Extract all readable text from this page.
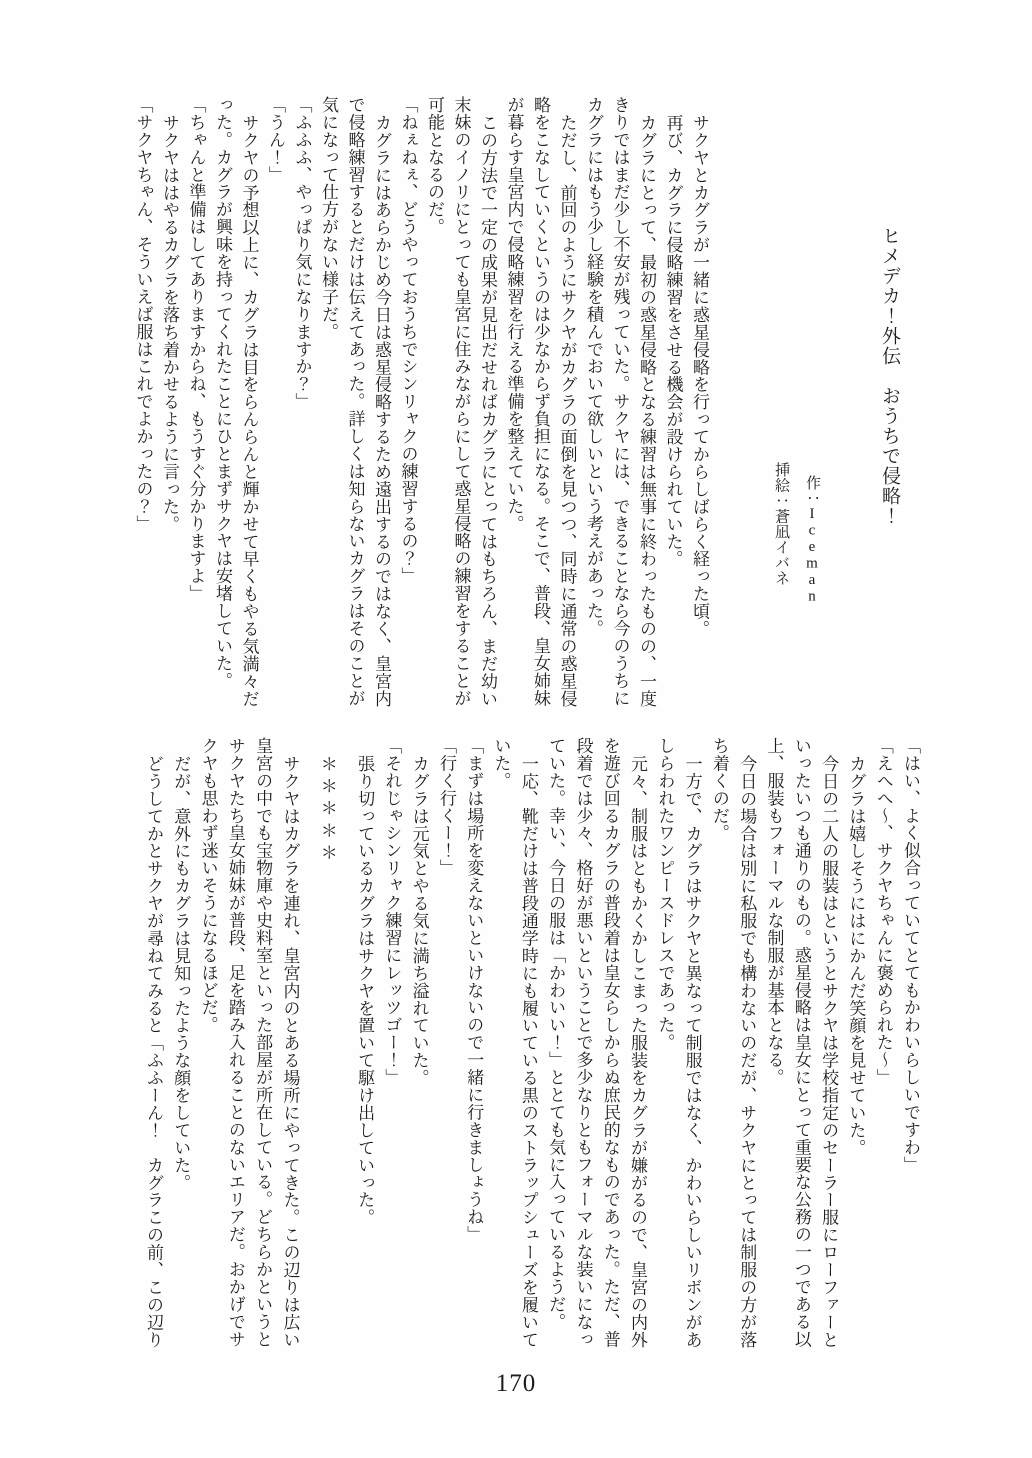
ヒメデカ！外伝　おうちで侵略！
作：Iceman
挿絵：蒼凪イバネ

サクヤとカグラが一緒に惑星侵略を行ってからしばらく経った頃。

再び、カグラに侵略練習をさせる機会が設けられていた。

カグラにとって、最初の惑星侵略となる練習は無事に終わったものの、一度きりではまだ少し不安が残っていた。サクヤには、できることなら今のうちにカグラにはもう少し経験を積んでおいて欲しいという考えがあった。

ただし、前回のようにサクヤがカグラの面倒を見つつ、同時に通常の惑星侵略をこなしていくというのは少なからず負担になる。そこで、普段、皇女姉妹が暮らす皇宮内で侵略練習を行える準備を整えていた。

この方法で一定の成果が見出だせればカグラにとってはもちろん、まだ幼い末妹のイノリにとっても皇宮に住みながらにして惑星侵略の練習をすることが可能となるのだ。

「ねぇねぇ、どうやっておうちでシンリャクの練習するの？」

カグラにはあらかじめ今日は惑星侵略するため遠出するのではなく、皇宮内で侵略練習するとだけは伝えてあった。詳しくは知らないカグラはそのことが気になって仕方がない様子だ。

「ふふふ、やっぱり気になりますか？」

「うん！」

サクヤの予想以上に、カグラは目をらんらんと輝かせて早くもやる気満々だった。カグラが興味を持ってくれたことにひとまずサクヤは安堵していた。

「ちゃんと準備はしてありますからね、もうすぐ分かりますよ」

サクヤははやるカグラを落ち着かせるように言った。

「サクヤちゃん、そういえば服はこれでよかったの？」

「はい、よく似合っていてとてもかわいらしいですわ」

「えへへ〜、サクヤちゃんに褒められた〜」

カグラは嬉しそうにはにかんだ笑顔を見せていた。

今日の二人の服装はというとサクヤは学校指定のセーラー服にローファーといったいつも通りのもの。惑星侵略は皇女にとって重要な公務の一つである以上、服装もフォーマルな制服が基本となる。

今日の場合は別に私服でも構わないのだが、サクヤにとっては制服の方が落ち着くのだ。

一方で、カグラはサクヤと異なって制服ではなく、かわいらしいリボンがあしらわれたワンピースドレスであった。

元々、制服はともかくかしこまった服装をカグラが嫌がるので、皇宮の内外を遊び回るカグラの普段着は皇女らしからぬ庶民的なものであった。ただ、普段着では少々、格好が悪いということで多少なりともフォーマルな装いになっていた。幸い、今日の服は「かわいい！」ととても気に入っているようだ。

一応、靴だけは普段通学時にも履いている黒のストラップシューズを履いていた。

「まずは場所を変えないといけないので一緒に行きましょうね」

「行く行くー！」

カグラは元気とやる気に満ち溢れていた。

「それじゃシンリャク練習にレッツゴー！」

張り切っているカグラはサクヤを置いて駆け出していった。

＊ ＊ ＊ ＊ ＊

サクヤはカグラを連れ、皇宮内のとある場所にやってきた。この辺りは広い皇宮の中でも宝物庫や史料室といった部屋が所在している。どちらかというとサクヤたち皇女姉妹が普段、足を踏み入れることのないエリアだ。おかげでサクヤも思わず迷いそうになるほどだ。

だが、意外にもカグラは見知ったような顔をしていた。

どうしてかとサクヤが尋ねてみると「ふふーん！　カグラこの前、この辺り

170
